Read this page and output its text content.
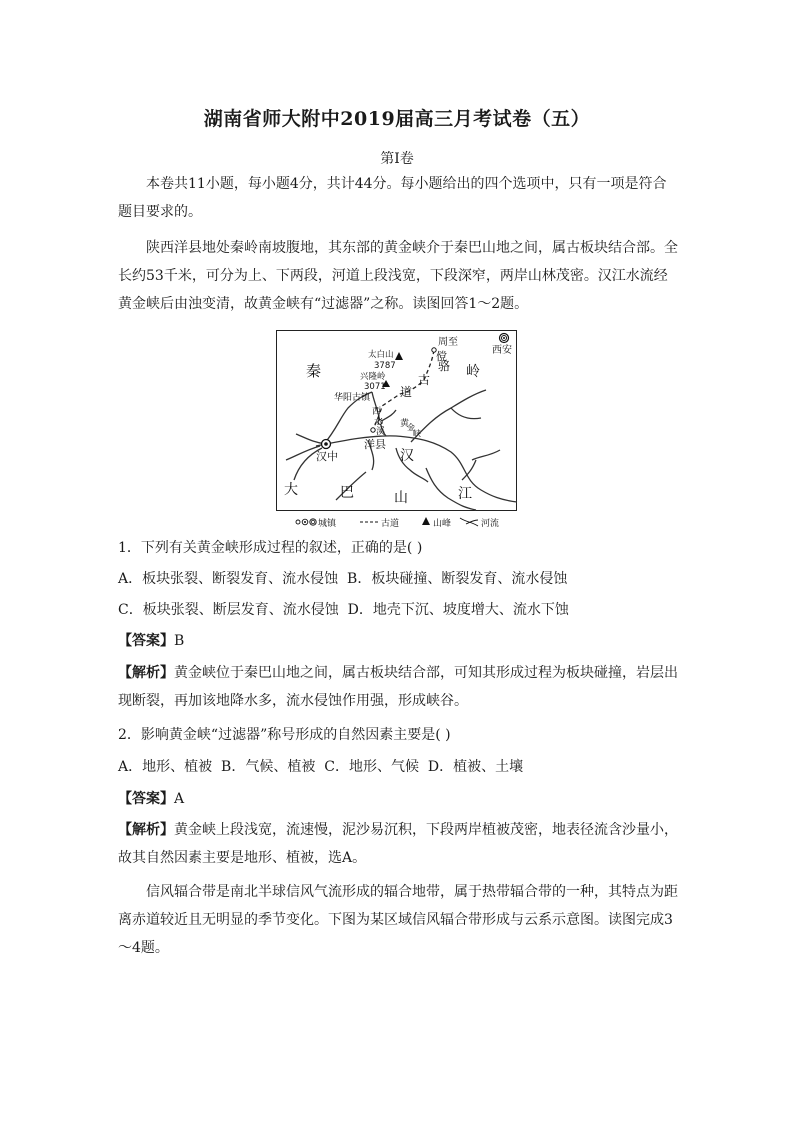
湖南省师大附中2019届高三月考试卷（五）
第Ⅰ卷

本卷共11小题，每小题4分，共计44分。每小题给出的四个选项中，只有一项是符合题目要求的。

陕西洋县地处秦岭南坡腹地，其东部的黄金峡介于秦巴山地之间，属古板块结合部。全长约53千米，可分为上、下两段，河道上段浅宽，下段深窄，两岸山林茂密。汉江水流经黄金峡后由浊变清，故黄金峡有“过滤器”之称。读图回答1～2题。

秦	岭
骆
傥
古
道
周至
西安
太白山
3787
兴隆岭
3071
华阳古镇
西
水
溪
黄
金
峡
汉中
洋县
汉
大	巴	山	江
城镇	古道	山峰	河流

1．下列有关黄金峡形成过程的叙述，正确的是( )

A．板块张裂、断裂发育、流水侵蚀 B．板块碰撞、断裂发育、流水侵蚀

C．板块张裂、断层发育、流水侵蚀 D．地壳下沉、坡度增大、流水下蚀

【答案】B

【解析】黄金峡位于秦巴山地之间，属古板块结合部，可知其形成过程为板块碰撞，岩层出现断裂，再加该地降水多，流水侵蚀作用强，形成峡谷。

2．影响黄金峡“过滤器”称号形成的自然因素主要是( )

A．地形、植被 B．气候、植被 C．地形、气候 D．植被、土壤

【答案】A

【解析】黄金峡上段浅宽，流速慢，泥沙易沉积，下段两岸植被茂密，地表径流含沙量小，故其自然因素主要是地形、植被，选A。

信风辐合带是南北半球信风气流形成的辐合地带，属于热带辐合带的一种，其特点为距离赤道较近且无明显的季节变化。下图为某区域信风辐合带形成与云系示意图。读图完成3～4题。
